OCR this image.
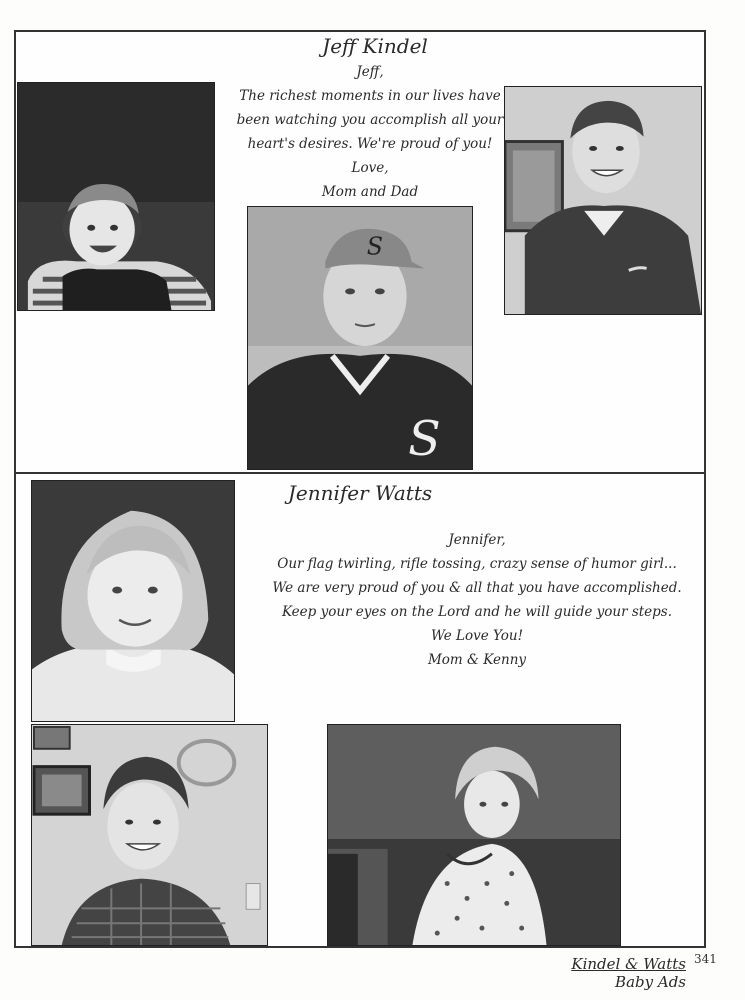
Jeff Kindel
Jeff,
The richest moments in our lives have
been watching you accomplish all your
heart's desires. We're proud of you!
Love,
Mom and Dad
S
S
Jennifer Watts
Jennifer,
Our flag twirling, rifle tossing, crazy sense of humor girl...
We are very proud of you & all that you have accomplished.
Keep your eyes on the Lord and he will guide your steps.
We Love You!
Mom & Kenny
341
Kindel & Watts
Baby Ads
